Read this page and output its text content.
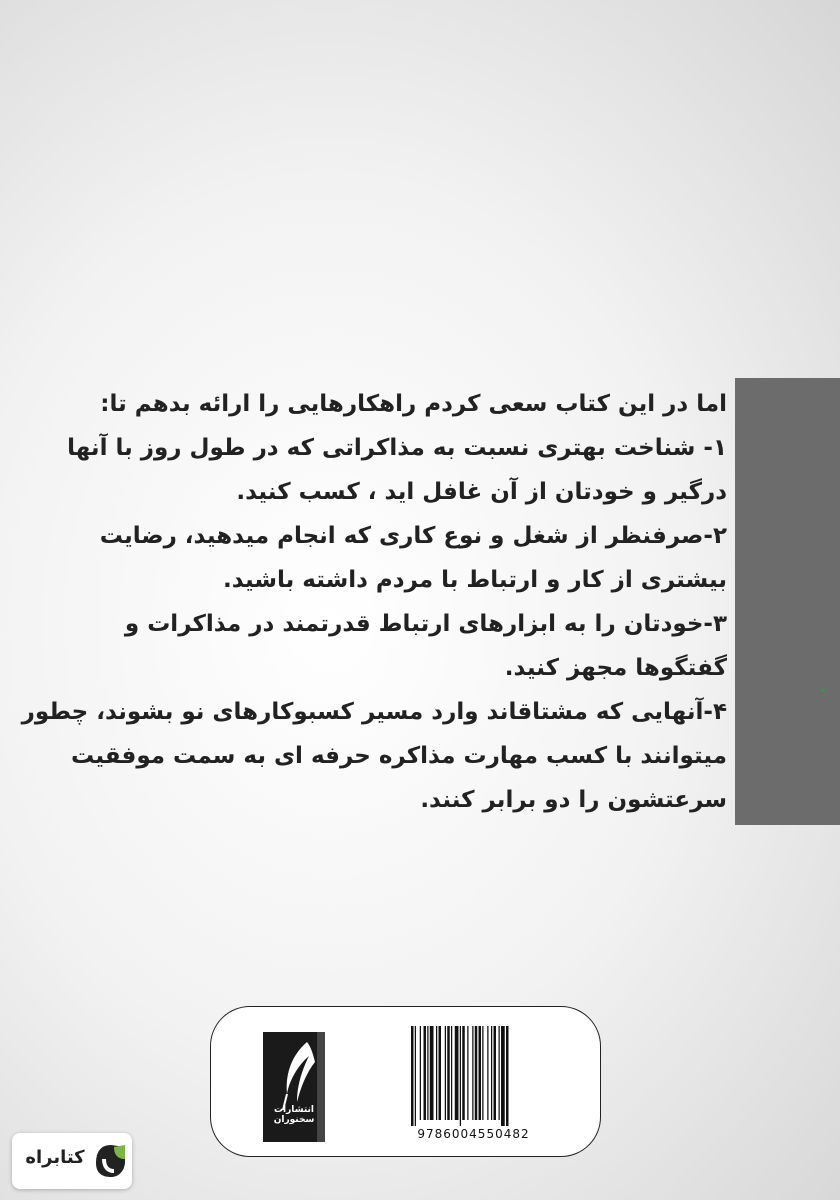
اما در این کتاب سعی کردم راهکارهایی را ارائه بدهم تا:
۱- شناخت بهتری نسبت به مذاکراتی که در طول روز با آنها
درگیر و خودتان از آن غافل اید ، کسب کنید.
۲-صرفنظر از شغل و نوع کاری که انجام میدهید، رضایت
بیشتری از کار و ارتباط با مردم داشته باشید.
۳-خودتان را به ابزارهای ارتباط قدرتمند در مذاکرات و
گفتگوها مجهز کنید.
۴-آنهایی که مشتاقاند وارد مسیر کسبوکارهای نو بشوند، چطور
میتوانند با کسب مهارت مذاکره حرفه ای به سمت موفقیت
سرعتشون را دو برابر کنند.
انتشارات سخنوران
9786004550482
کتابراه
